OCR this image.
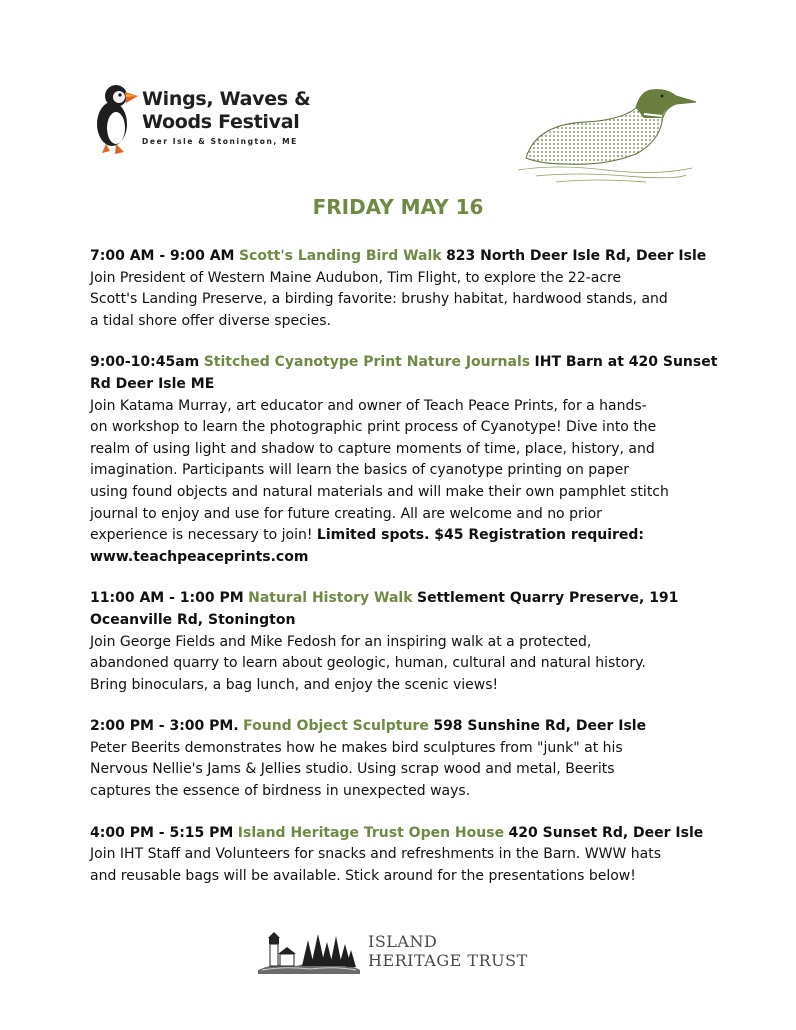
Wings, Waves &
Woods Festival
Deer Isle & Stonington, ME
FRIDAY MAY 16
7:00 AM - 9:00 AM Scott's Landing Bird Walk 823 North Deer Isle Rd, Deer Isle
Join President of Western Maine Audubon, Tim Flight, to explore the 22-acre
Scott's Landing Preserve, a birding favorite: brushy habitat, hardwood stands, and
a tidal shore offer diverse species.
9:00-10:45am Stitched Cyanotype Print Nature Journals IHT Barn at 420 Sunset
Rd Deer Isle ME
Join Katama Murray, art educator and owner of Teach Peace Prints, for a hands-
on workshop to learn the photographic print process of Cyanotype! Dive into the
realm of using light and shadow to capture moments of time, place, history, and
imagination. Participants will learn the basics of cyanotype printing on paper
using found objects and natural materials and will make their own pamphlet stitch
journal to enjoy and use for future creating. All are welcome and no prior
experience is necessary to join! Limited spots. $45 Registration required:
www.teachpeaceprints.com
11:00 AM - 1:00 PM Natural History Walk Settlement Quarry Preserve, 191
Oceanville Rd, Stonington
Join George Fields and Mike Fedosh for an inspiring walk at a protected,
abandoned quarry to learn about geologic, human, cultural and natural history.
Bring binoculars, a bag lunch, and enjoy the scenic views!
2:00 PM - 3:00 PM. Found Object Sculpture 598 Sunshine Rd, Deer Isle
Peter Beerits demonstrates how he makes bird sculptures from "junk" at his
Nervous Nellie's Jams & Jellies studio. Using scrap wood and metal, Beerits
captures the essence of birdness in unexpected ways.
4:00 PM - 5:15 PM Island Heritage Trust Open House 420 Sunset Rd, Deer Isle
Join IHT Staff and Volunteers for snacks and refreshments in the Barn. WWW hats
and reusable bags will be available. Stick around for the presentations below!
ISLAND
HERITAGE TRUST
